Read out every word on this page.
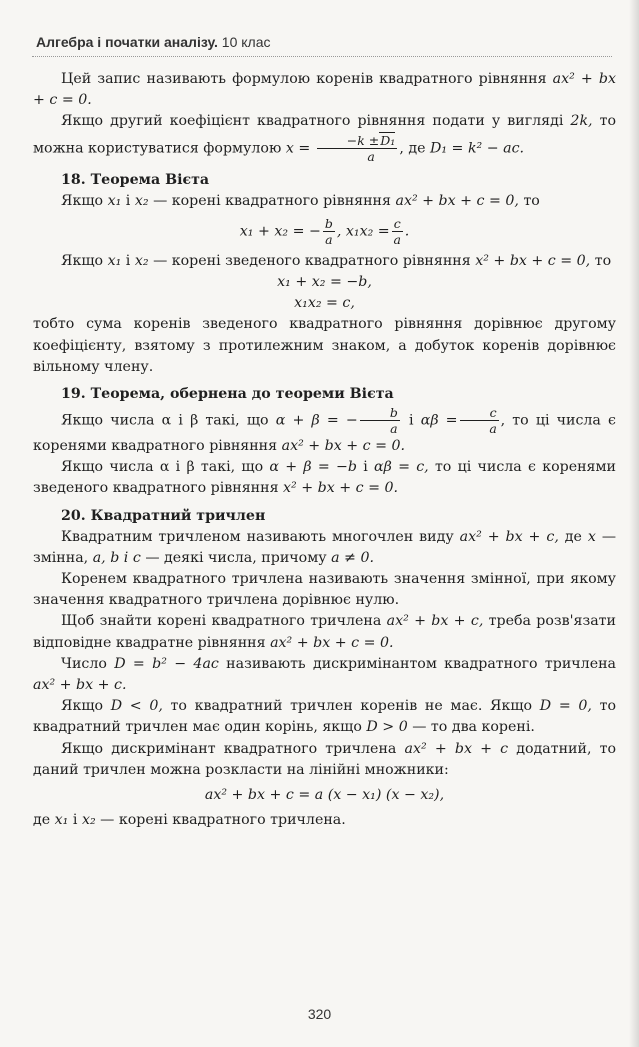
Алгебра і початки аналізу. 10 клас

Цей запис називають формулою коренів квадратного рівняння ax² + bx + c = 0.

Якщо другий коефіцієнт квадратного рівняння подати у вигляді 2k, то можна користуватися формулою $x = \frac{\text{−k ±D₁}}{a}$ , де D₁ = k² − ac.

18. Теорема Вієта

Якщо x₁ і x₂ — корені квадратного рівняння ax² + bx + c = 0, то

x₁ + x₂ = − $\frac{b}{a}$ , $x_1x_2 = \frac{c}{a}$ .

Якщо x₁ і x₂ — корені зведеного квадратного рівняння x² + bx + c = 0, то

x₁ + x₂ = −b,

x₁x₂ = c,

тобто сума коренів зведеного квадратного рівняння дорівнює другому коефіцієнту, взятому з протилежним знаком, а добуток коренів дорівнює вільному члену.

19. Теорема, обернена до теореми Вієта

Якщо числа α і β такі, що α + β = − $\frac{b}{a}$ і $\alpha\beta = \frac{c}{a}$ , то ці числа є коренями квадратного рівняння ax² + bx + c = 0.

Якщо числа α і β такі, що α + β = −b і αβ = c, то ці числа є коренями зведеного квадратного рівняння x² + bx + c = 0.

20. Квадратний тричлен

Квадратним тричленом називають многочлен виду ax² + bx + c, де x — змінна, a, b і c — деякі числа, причому a ≠ 0.

Коренем квадратного тричлена називають значення змінної, при якому значення квадратного тричлена дорівнює нулю.

Щоб знайти корені квадратного тричлена ax² + bx + c, треба розв'язати відповідне квадратне рівняння ax² + bx + c = 0.

Число D = b² − 4ac називають дискримінантом квадратного тричлена ax² + bx + c.

Якщо D < 0, то квадратний тричлен коренів не має. Якщо D = 0, то квадратний тричлен має один корінь, якщо D > 0 — то два корені.

Якщо дискримінант квадратного тричлена ax² + bx + c додатний, то даний тричлен можна розкласти на лінійні множники:

ax² + bx + c = a (x − x₁) (x − x₂),

де x₁ і x₂ — корені квадратного тричлена.

320
